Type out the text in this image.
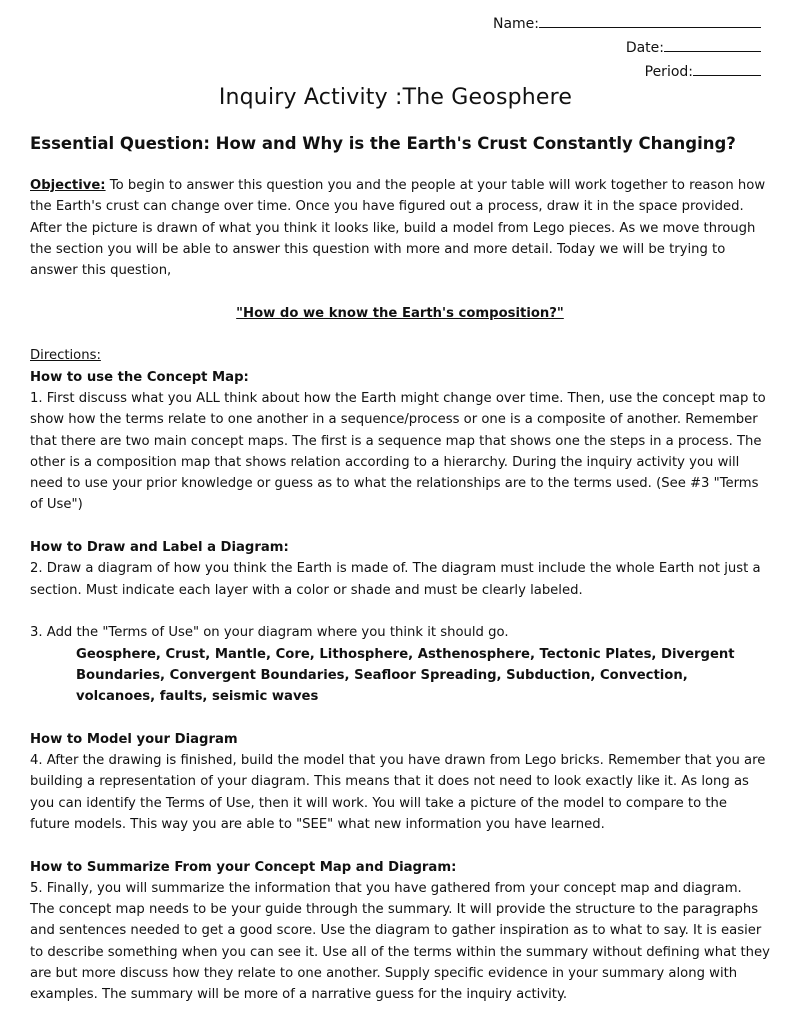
Name:
Date:
Period:
Inquiry Activity :The Geosphere
Essential Question: How and Why is the Earth's Crust Constantly Changing?

Objective: To begin to answer this question you and the people at your table will work together to reason how the Earth's crust can change over time. Once you have figured out a process, draw it in the space provided. After the picture is drawn of what you think it looks like, build a model from Lego pieces. As we move through the section you will be able to answer this question with more and more detail. Today we will be trying to answer this question,

"How do we know the Earth's composition?"

Directions:

How to use the Concept Map:

1. First discuss what you ALL think about how the Earth might change over time. Then, use the concept map to show how the terms relate to one another in a sequence/process or one is a composite of another. Remember that there are two main concept maps. The first is a sequence map that shows one the steps in a process. The other is a composition map that shows relation according to a hierarchy. During the inquiry activity you will need to use your prior knowledge or guess as to what the relationships are to the terms used. (See #3 "Terms of Use")

How to Draw and Label a Diagram:

2. Draw a diagram of how you think the Earth is made of. The diagram must include the whole Earth not just a section. Must indicate each layer with a color or shade and must be clearly labeled.

3. Add the "Terms of Use" on your diagram where you think it should go.

Geosphere, Crust, Mantle, Core, Lithosphere, Asthenosphere, Tectonic Plates, Divergent Boundaries, Convergent Boundaries, Seafloor Spreading, Subduction, Convection, volcanoes, faults, seismic waves

How to Model your Diagram

4. After the drawing is finished, build the model that you have drawn from Lego bricks. Remember that you are building a representation of your diagram. This means that it does not need to look exactly like it. As long as you can identify the Terms of Use, then it will work. You will take a picture of the model to compare to the future models. This way you are able to "SEE" what new information you have learned.

How to Summarize From your Concept Map and Diagram:

5. Finally, you will summarize the information that you have gathered from your concept map and diagram. The concept map needs to be your guide through the summary. It will provide the structure to the paragraphs and sentences needed to get a good score. Use the diagram to gather inspiration as to what to say. It is easier to describe something when you can see it. Use all of the terms within the summary without defining what they are but more discuss how they relate to one another. Supply specific evidence in your summary along with examples. The summary will be more of a narrative guess for the inquiry activity.
